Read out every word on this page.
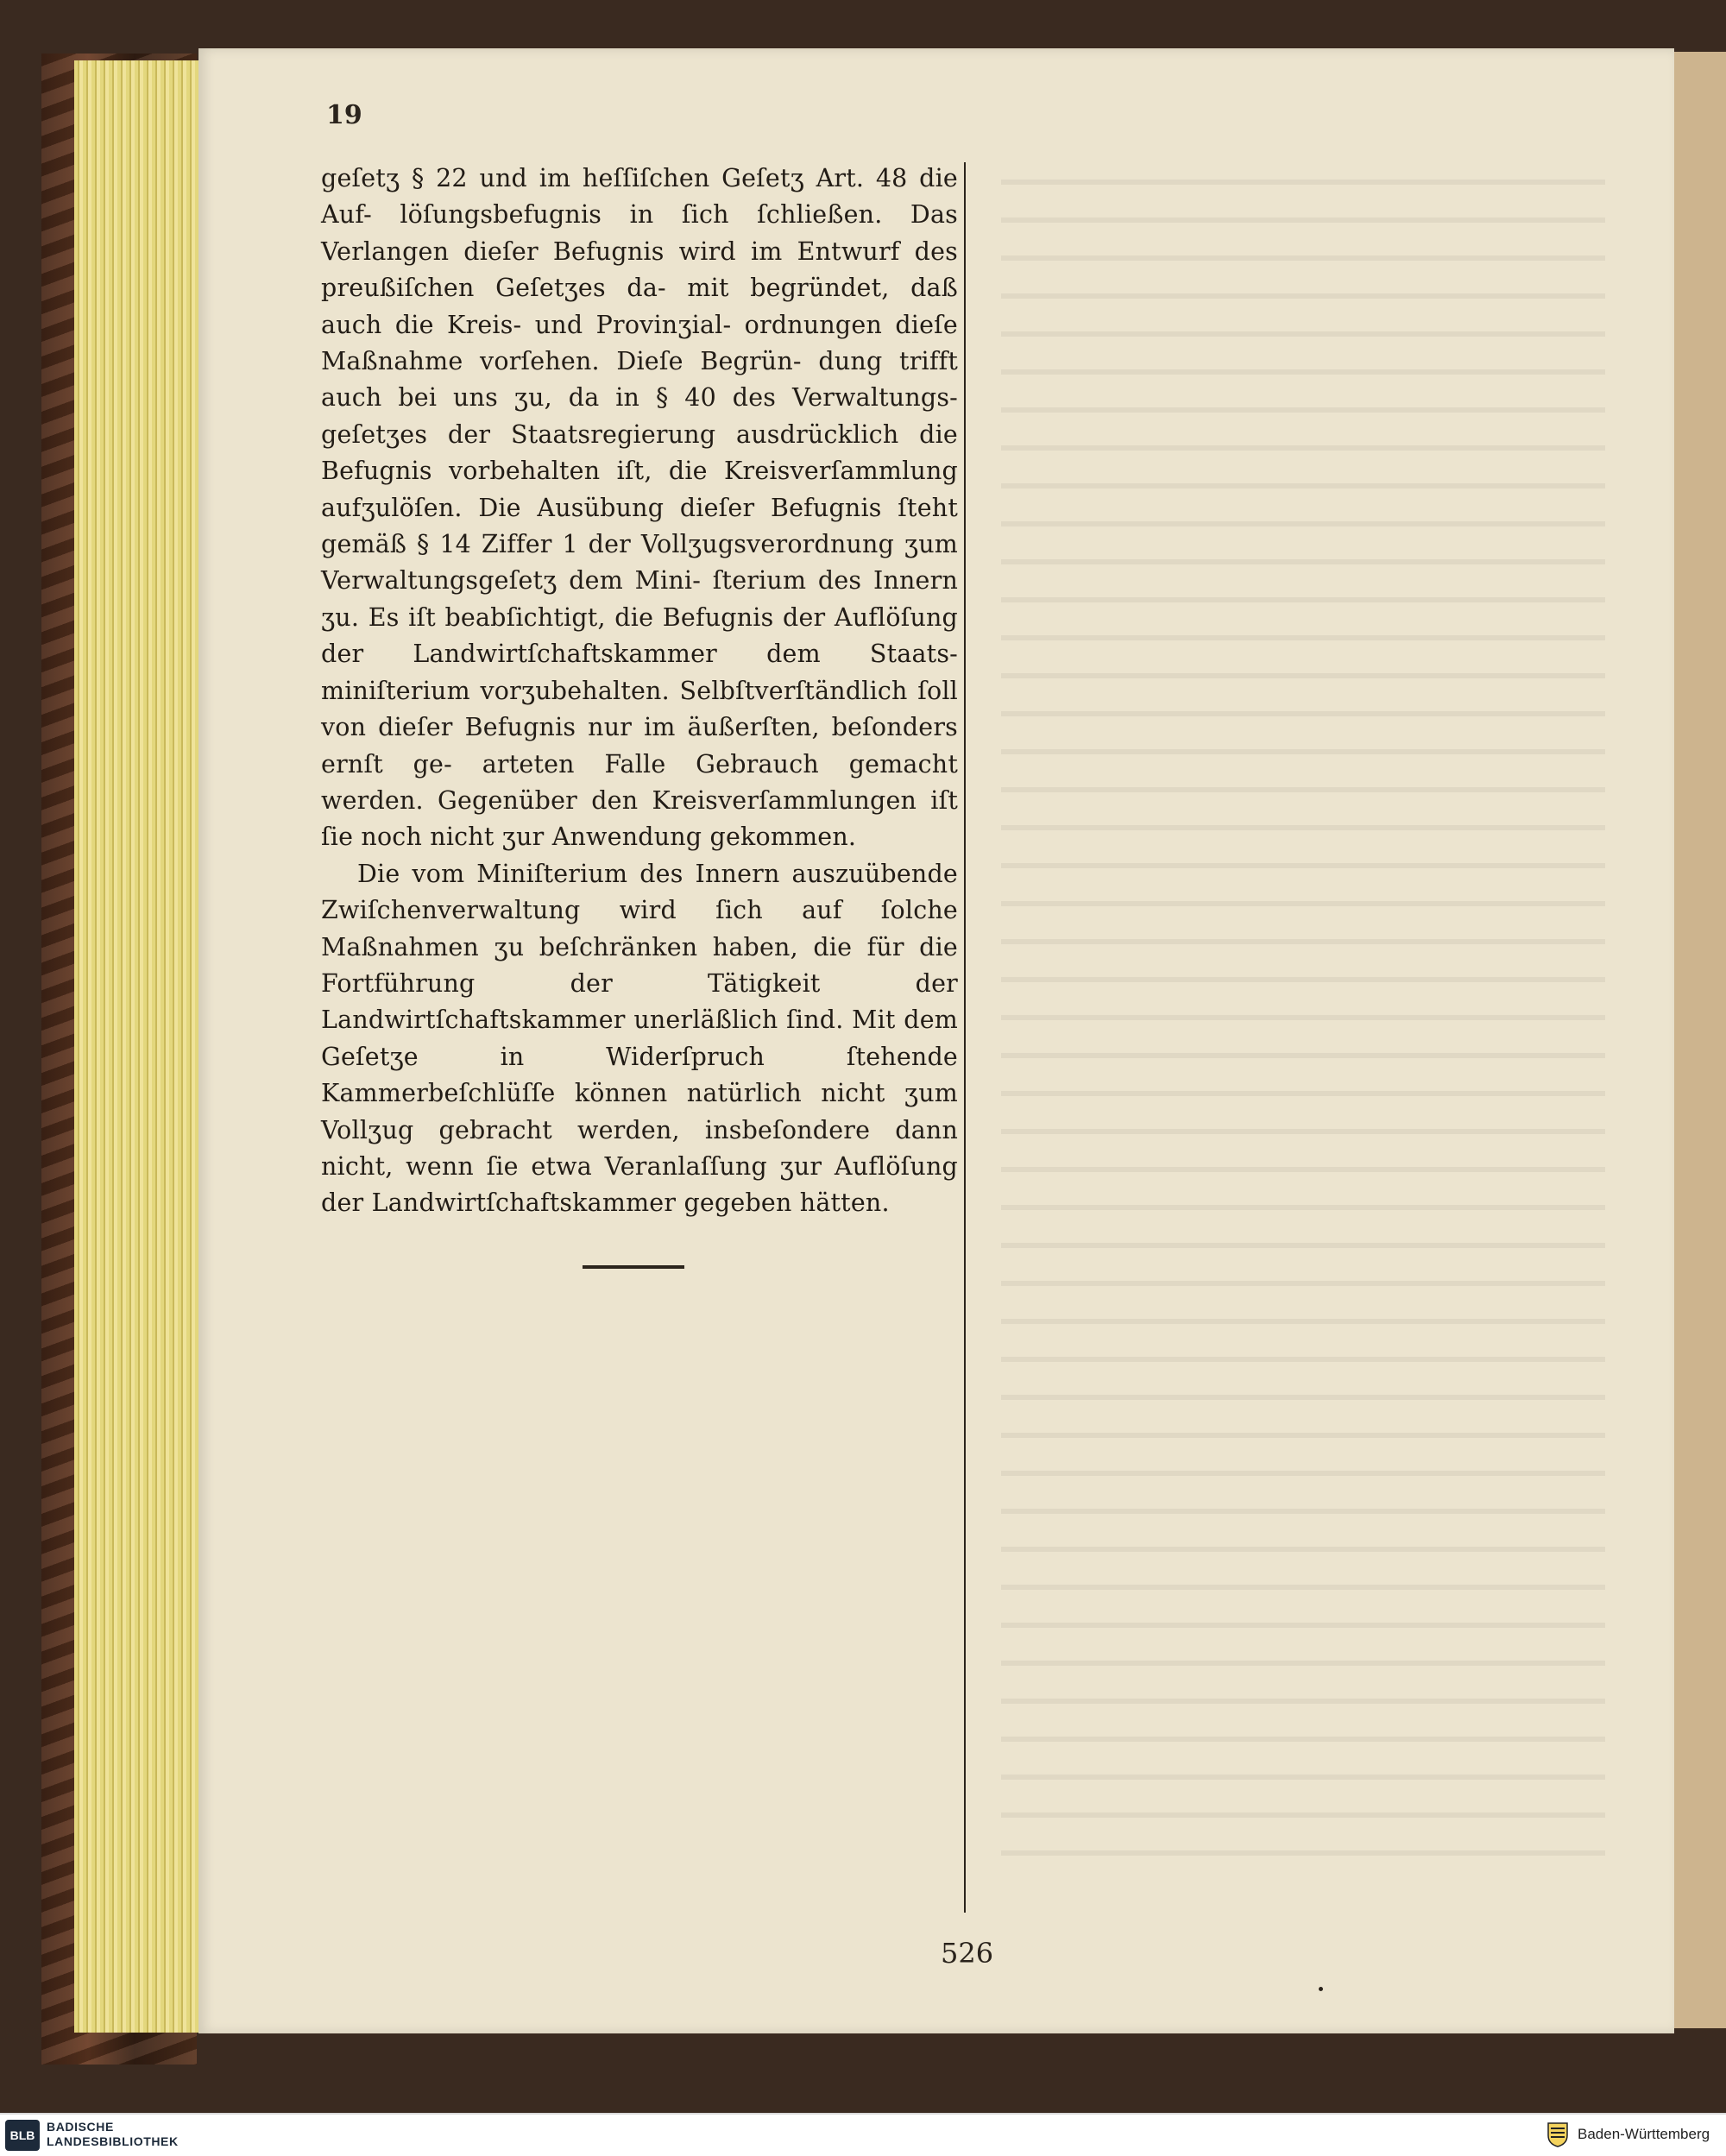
19

geſetʒ § 22 und im heſſiſchen Geſetʒ Art. 48 die Auf- löſungsbefugnis in ſich ſchließen. Das Verlangen dieſer Befugnis wird im Entwurf des preußiſchen Geſetʒes da- mit begründet, daß auch die Kreis- und Provinʒial- ordnungen dieſe Maßnahme vorſehen. Dieſe Begrün- dung trifft auch bei uns ʒu, da in § 40 des Verwaltungs- geſetʒes der Staatsregierung ausdrücklich die Befugnis vorbehalten iſt, die Kreisverſammlung aufʒulöſen. Die Ausübung dieſer Befugnis ſteht gemäß § 14 Ziffer 1 der Vollʒugsverordnung ʒum Verwaltungsgeſetʒ dem Mini- ſterium des Innern ʒu. Es iſt beabſichtigt, die Befugnis der Auflöſung der Landwirtſchaftskammer dem Staats- miniſterium vorʒubehalten. Selbſtverſtändlich ſoll von dieſer Befugnis nur im äußerſten, beſonders ernſt ge- arteten Falle Gebrauch gemacht werden. Gegenüber den Kreisverſammlungen iſt ſie noch nicht ʒur Anwendung gekommen.

Die vom Miniſterium des Innern auszuübende Zwiſchenverwaltung wird ſich auf ſolche Maßnahmen ʒu beſchränken haben, die für die Fortführung der Tätigkeit der Landwirtſchaftskammer unerläßlich ſind. Mit dem Geſetʒe in Widerſpruch ſtehende Kammerbeſchlüſſe können natürlich nicht ʒum Vollʒug gebracht werden, insbeſondere dann nicht, wenn ſie etwa Veranlaſſung ʒur Auflöſung der Landwirtſchaftskammer gegeben hätten.

526
BLB
BADISCHE
LANDESBIBLIOTHEK	Baden-Württemberg
